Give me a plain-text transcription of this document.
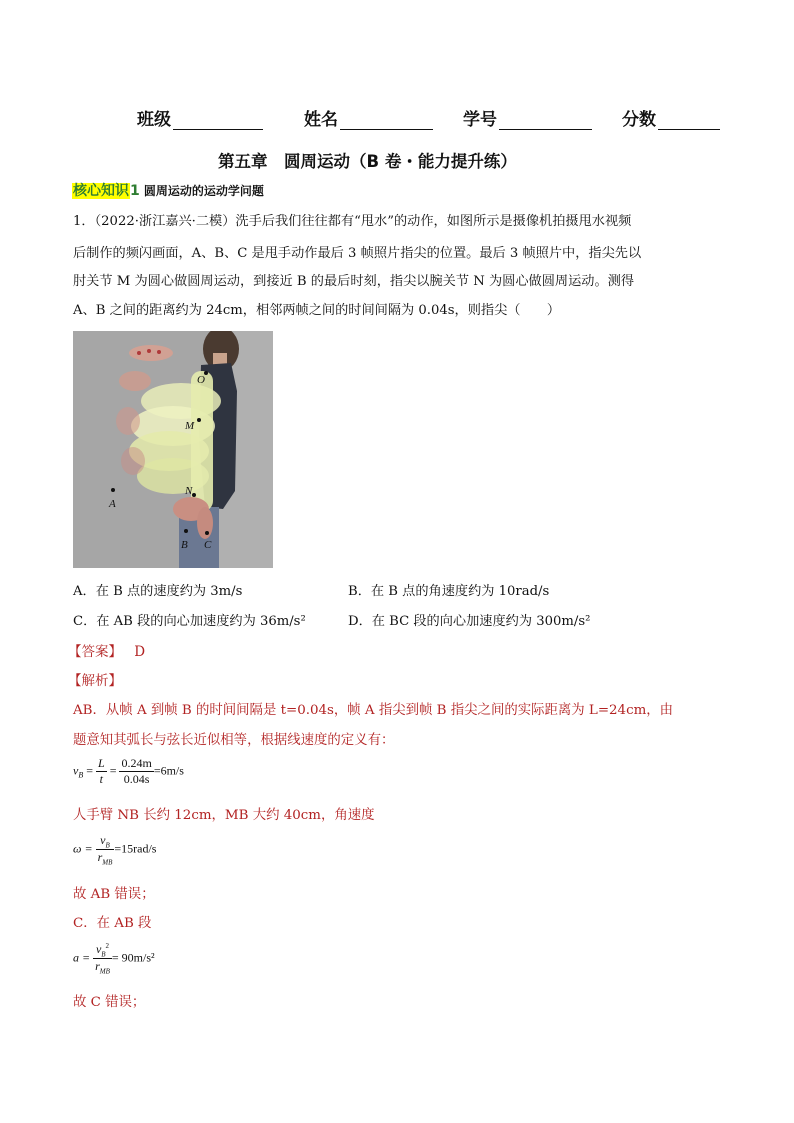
班级	姓名	学号	分数
第五章　圆周运动（B 卷・能力提升练）
核心知识1 圆周运动的运动学问题
1．（2022·浙江嘉兴·二模）洗手后我们往往都有“甩水”的动作，如图所示是摄像机拍摄甩水视频
后制作的频闪画面，A、B、C 是甩手动作最后 3 帧照片指尖的位置。最后 3 帧照片中，指尖先以
肘关节 M 为圆心做圆周运动，到接近 B 的最后时刻，指尖以腕关节 N 为圆心做圆周运动。测得
A、B 之间的距离约为 24cm，相邻两帧之间的时间间隔为 0.04s，则指尖（　　）
O
M
N
A
B C
A．在 B 点的速度约为 3m/s	B．在 B 点的角速度约为 10rad/s
C．在 AB 段的向心加速度约为 36m/s²	D．在 BC 段的向心加速度约为 300m/s²
【答案】 D
【解析】
AB．从帧 A 到帧 B 的时间间隔是 t=0.04s，帧 A 指尖到帧 B 指尖之间的实际距离为 L=24cm，由
题意知其弧长与弦长近似相等，根据线速度的定义有：
$v_B = \frac{L}{t} = \frac{0.24m}{0.04s} =6m/s$
人手臂 NB 长约 12cm，MB 大约 40cm，角速度
$\omega = \frac{v_B}{r_{MB}} =15rad/s$
故 AB 错误；
C．在 AB 段
$a = \frac{v_B^2}{r_{MB}} = 90m/s^2$
故 C 错误；
